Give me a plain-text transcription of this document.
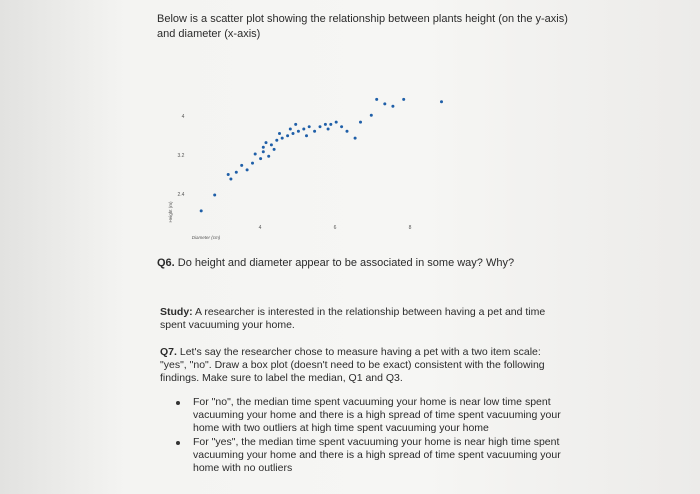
Below is a scatter plot showing the relationship between plants height (on the y-axis) and diameter (x-axis)
4
3.2
2.4
Height (m)
Diameter (cm)
4	6	8
Q6. Do height and diameter appear to be associated in some way? Why?
Study: A researcher is interested in the relationship between having a pet and time spent vacuuming your home.
Q7. Let's say the researcher chose to measure having a pet with a two item scale: "yes", "no". Draw a box plot (doesn't need to be exact) consistent with the following findings. Make sure to label the median, Q1 and Q3.
For "no", the median time spent vacuuming your home is near low time spent vacuuming your home and there is a high spread of time spent vacuuming your home with two outliers at high time spent vacuuming your home
For "yes", the median time spent vacuuming your home is near high time spent vacuuming your home and there is a high spread of time spent vacuuming your home with no outliers
